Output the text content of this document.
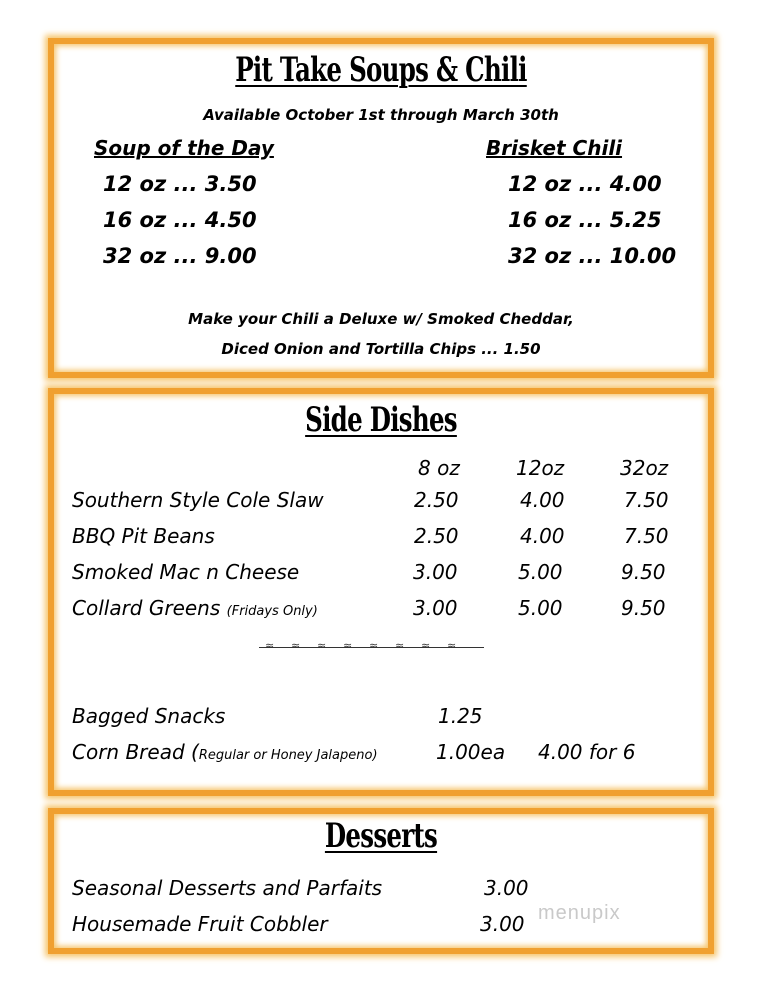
Pit Take Soups & Chili
Available October 1st through March 30th
Soup of the Day
12 oz ... 3.50
16 oz ... 4.50
32 oz ... 9.00
Brisket Chili
12 oz ... 4.00
16 oz ... 5.25
32 oz ... 10.00
Make your Chili a Deluxe w/ Smoked Cheddar,
Diced Onion and Tortilla Chips ... 1.50
Side Dishes
8 oz	12oz	32oz
Southern Style Cole Slaw	2.50	4.00	7.50
BBQ Pit Beans	2.50	4.00	7.50
Smoked Mac n Cheese	3.00	5.00	9.50
Collard Greens (Fridays Only)	3.00	5.00	9.50
≈ ≈ ≈ ≈ ≈ ≈ ≈ ≈
Bagged Snacks	1.25
Corn Bread (Regular or Honey Jalapeno)	1.00ea 4.00 for 6
Desserts
Seasonal Desserts and Parfaits	3.00
Housemade Fruit Cobbler	3.00 menupix
